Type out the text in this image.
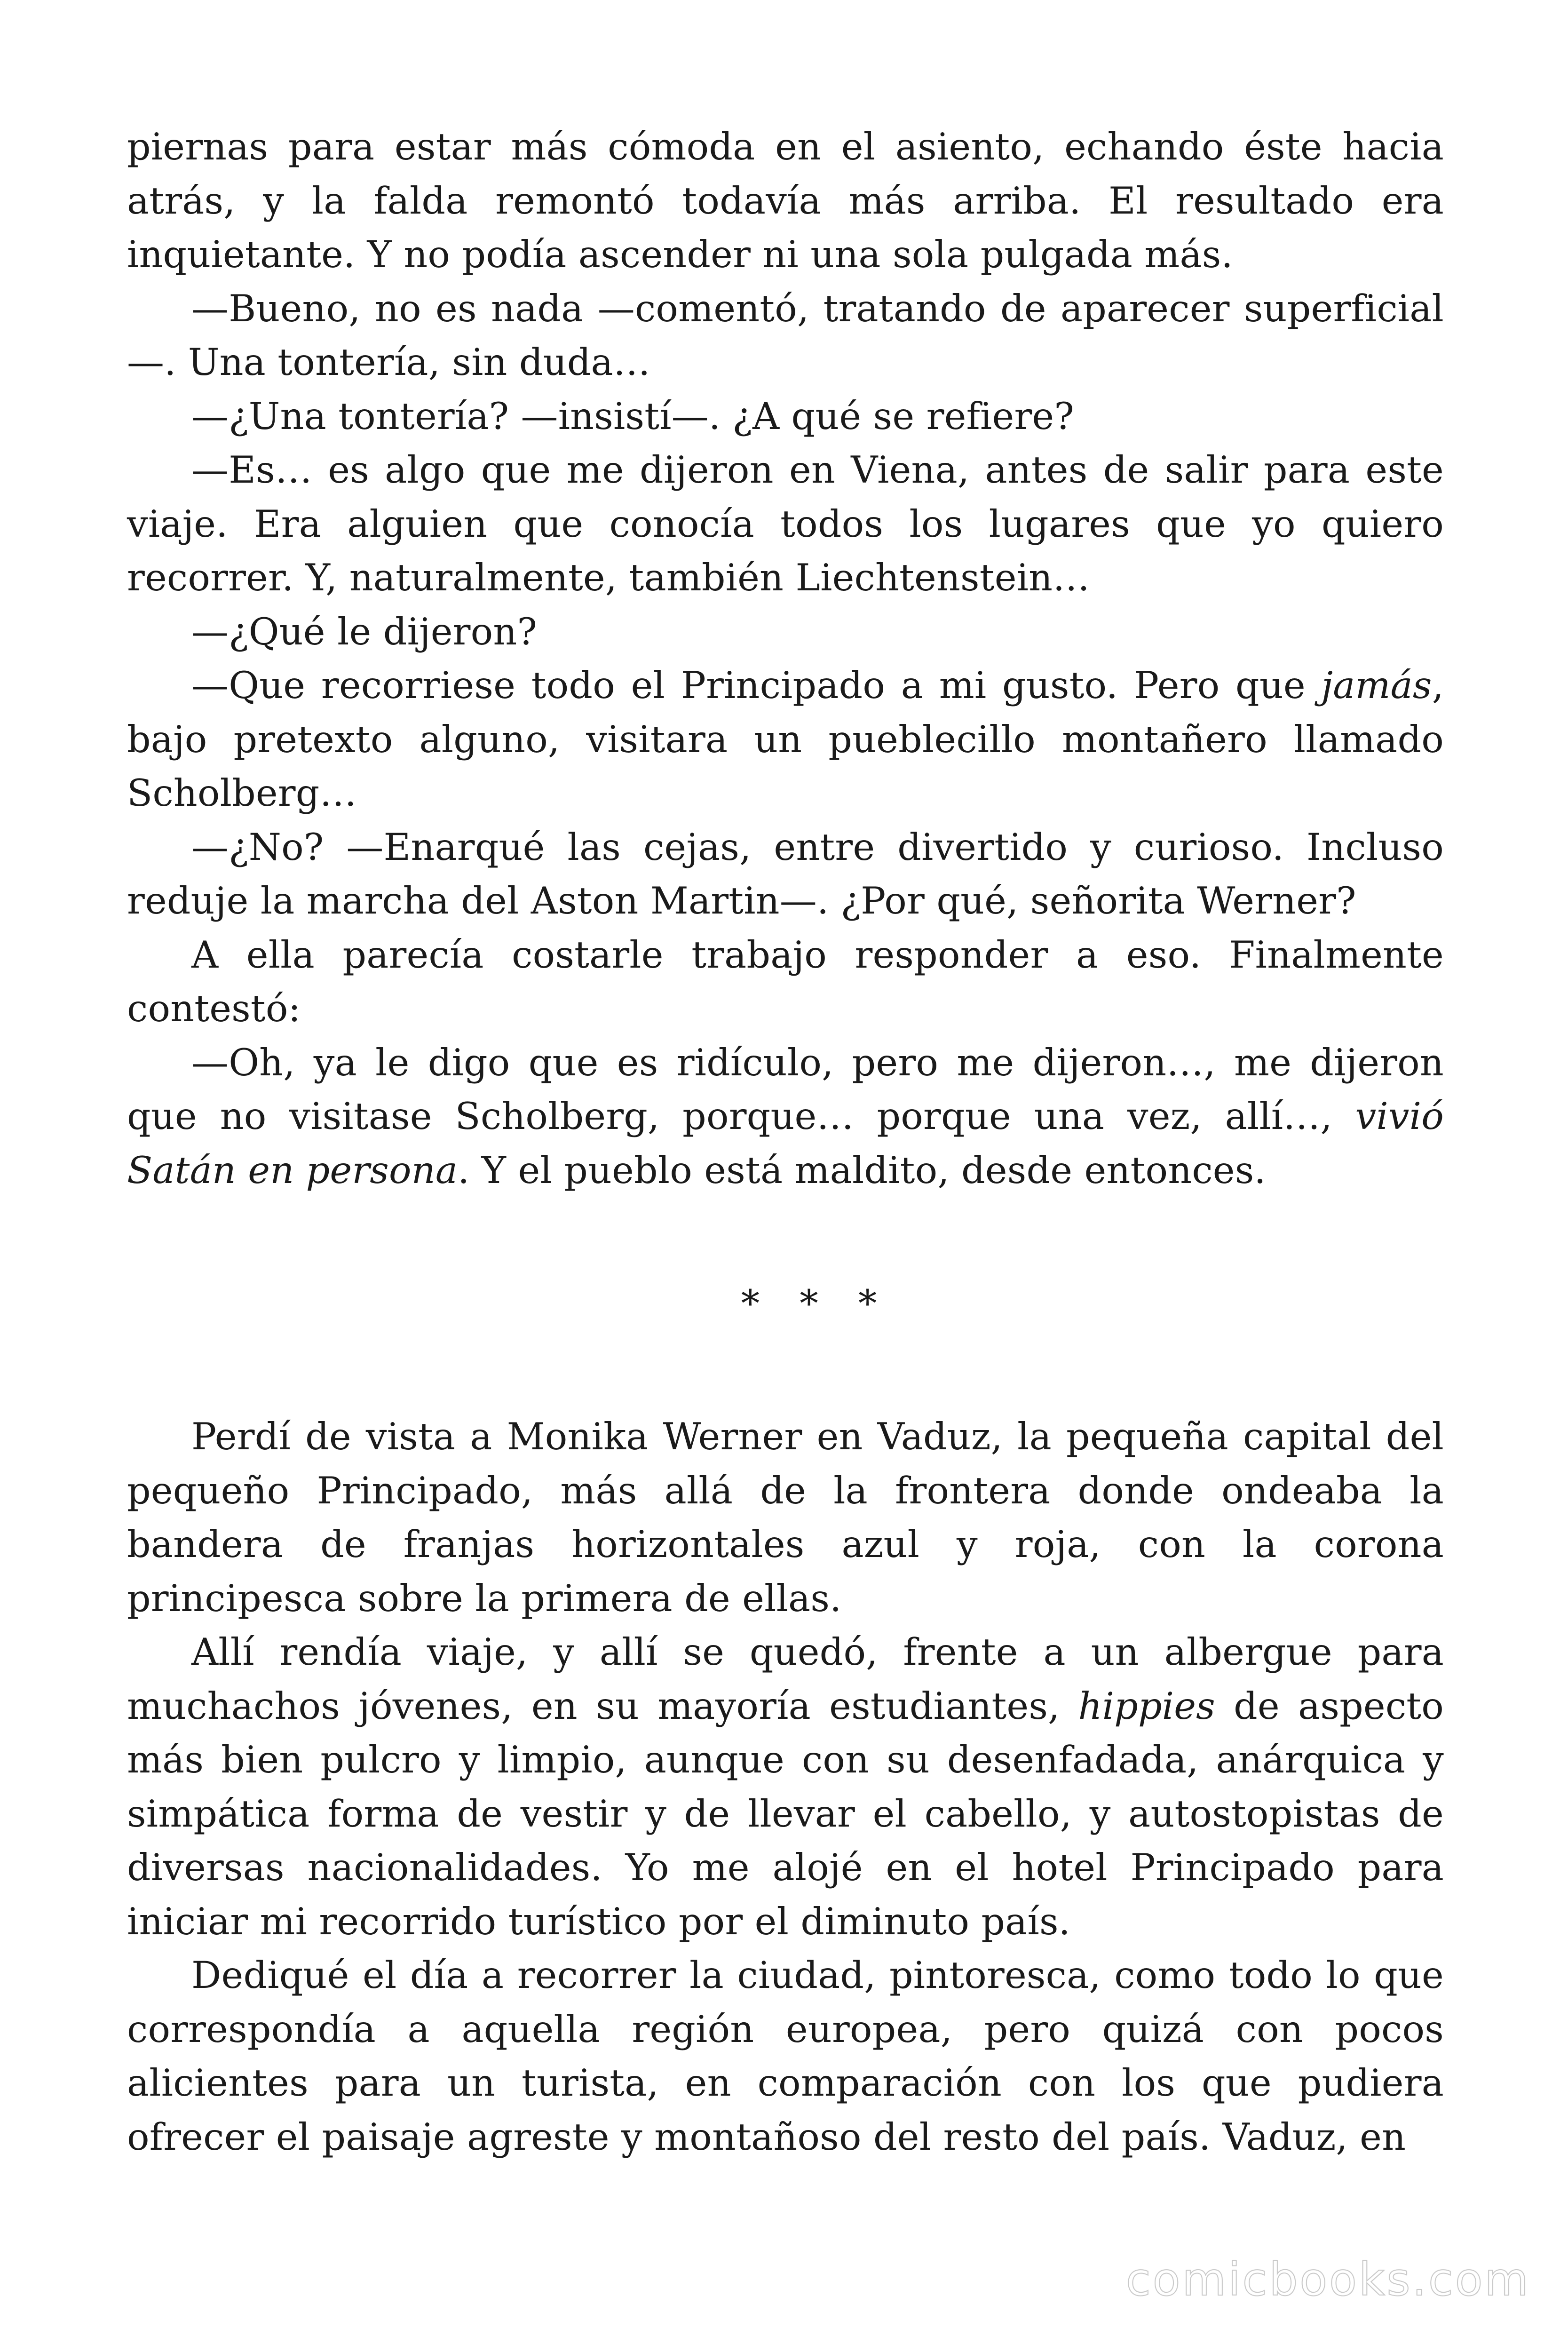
piernas para estar más cómoda en el asiento, echando éste hacia atrás, y la falda remontó todavía más arriba. El resultado era inquietante. Y no podía ascender ni una sola pulgada más.

—Bueno, no es nada —comentó, tratando de aparecer superficial —. Una tontería, sin duda…

—¿Una tontería? —insistí—. ¿A qué se refiere?

—Es… es algo que me dijeron en Viena, antes de salir para este viaje. Era alguien que conocía todos los lugares que yo quiero recorrer. Y, naturalmente, también Liechtenstein…

—¿Qué le dijeron?

—Que recorriese todo el Principado a mi gusto. Pero que jamás, bajo pretexto alguno, visitara un pueblecillo montañero llamado Scholberg…

—¿No? —Enarqué las cejas, entre divertido y curioso. Incluso reduje la marcha del Aston Martin—. ¿Por qué, señorita Werner?

A ella parecía costarle trabajo responder a eso. Finalmente contestó:

—Oh, ya le digo que es ridículo, pero me dijeron…, me dijeron que no visitase Scholberg, porque… porque una vez, allí…, vivió Satán en persona. Y el pueblo está maldito, desde entonces.

* * *

Perdí de vista a Monika Werner en Vaduz, la pequeña capital del pequeño Principado, más allá de la frontera donde ondeaba la bandera de franjas horizontales azul y roja, con la corona principesca sobre la primera de ellas.

Allí rendía viaje, y allí se quedó, frente a un albergue para muchachos jóvenes, en su mayoría estudiantes, hippies de aspecto más bien pulcro y limpio, aunque con su desenfadada, anárquica y simpática forma de vestir y de llevar el cabello, y autostopistas de diversas nacionalidades. Yo me alojé en el hotel Principado para iniciar mi recorrido turístico por el diminuto país.

Dediqué el día a recorrer la ciudad, pintoresca, como todo lo que correspondía a aquella región europea, pero quizá con pocos alicientes para un turista, en comparación con los que pudiera ofrecer el paisaje agreste y montañoso del resto del país. Vaduz, en

comicbooks.com
